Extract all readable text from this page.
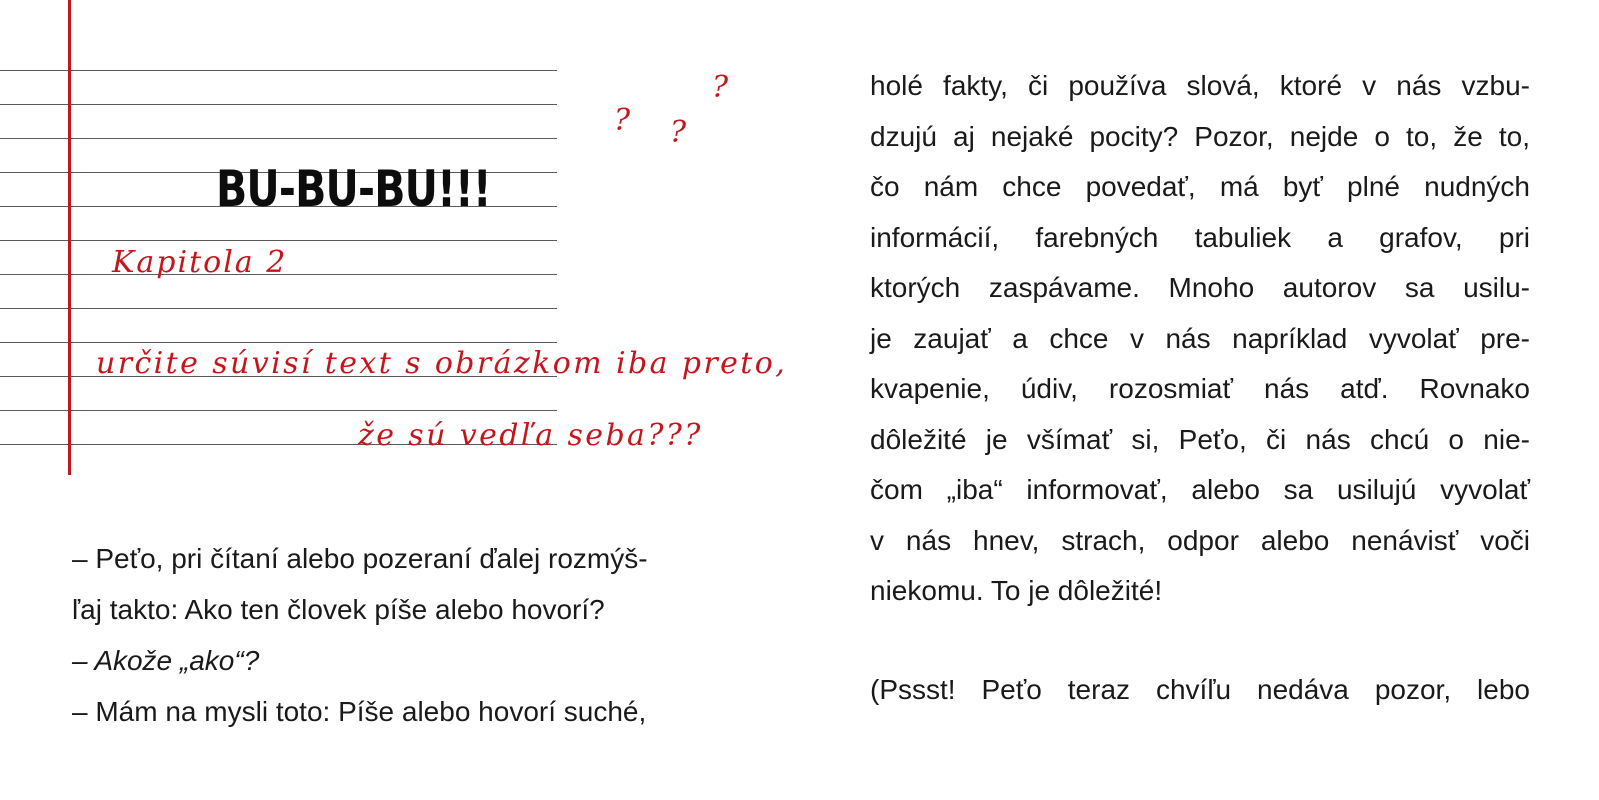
?
? ?
BU-BU-BU!!!
Kapitola 2
určite súvisí text s obrázkom iba preto,
že sú vedľa seba???
– Peťo, pri čítaní alebo pozeraní ďalej rozmýš-
ľaj takto: Ako ten človek píše alebo hovorí?
– Akože „ako“?
– Mám na mysli toto: Píše alebo hovorí suché,
holé fakty, či používa slová, ktoré v nás vzbu-
dzujú aj nejaké pocity? Pozor, nejde o to, že to,
čo nám chce povedať, má byť plné nudných
informácií, farebných tabuliek a grafov, pri
ktorých zaspávame. Mnoho autorov sa usilu-
je zaujať a chce v nás napríklad vyvolať pre-
kvapenie, údiv, rozosmiať nás atď. Rovnako
dôležité je všímať si, Peťo, či nás chcú o nie-
čom „iba“ informovať, alebo sa usilujú vyvolať
v nás hnev, strach, odpor alebo nenávisť voči
niekomu. To je dôležité!
(Pssst! Peťo teraz chvíľu nedáva pozor, lebo
